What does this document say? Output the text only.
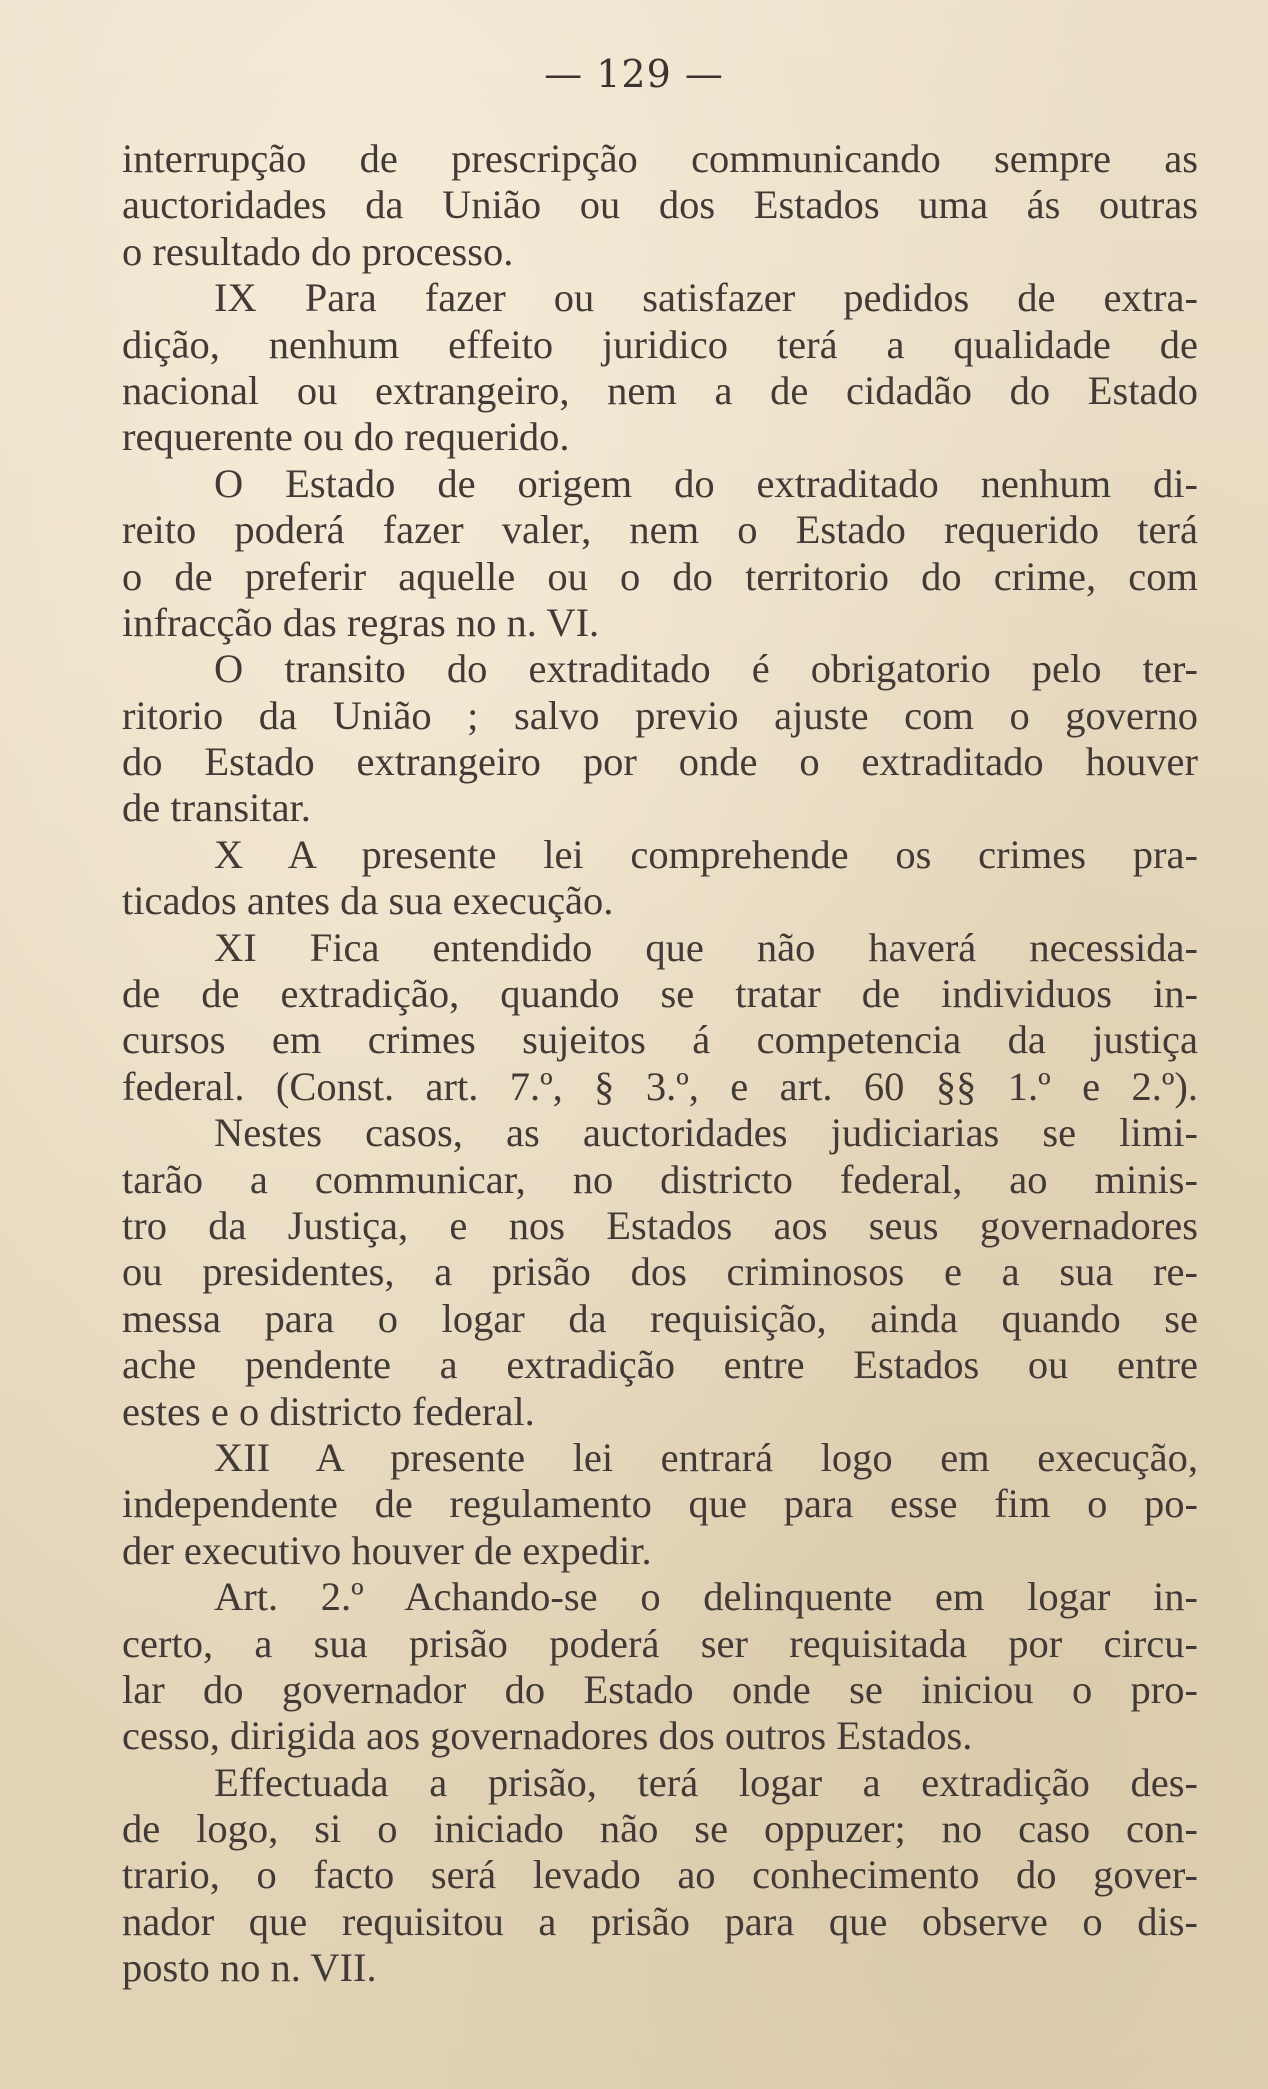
— 129 —
interrupção de prescripção communicando sempre as
auctoridades da União ou dos Estados uma ás outras
o resultado do processo.
IX Para fazer ou satisfazer pedidos de extra-
dição, nenhum effeito juridico terá a qualidade de
nacional ou extrangeiro, nem a de cidadão do Estado
requerente ou do requerido.
O Estado de origem do extraditado nenhum di-
reito poderá fazer valer, nem o Estado requerido terá
o de preferir aquelle ou o do territorio do crime, com
infracção das regras no n. VI.
O transito do extraditado é obrigatorio pelo ter-
ritorio da União ; salvo previo ajuste com o governo
do Estado extrangeiro por onde o extraditado houver
de transitar.
X A presente lei comprehende os crimes pra-
ticados antes da sua execução.
XI Fica entendido que não haverá necessida-
de de extradição, quando se tratar de individuos in-
cursos em crimes sujeitos á competencia da justiça
federal. (Const. art. 7.º, § 3.º, e art. 60 §§ 1.º e 2.º).
Nestes casos, as auctoridades judiciarias se limi-
tarão a communicar, no districto federal, ao minis-
tro da Justiça, e nos Estados aos seus governadores
ou presidentes, a prisão dos criminosos e a sua re-
messa para o logar da requisição, ainda quando se
ache pendente a extradição entre Estados ou entre
estes e o districto federal.
XII A presente lei entrará logo em execução,
independente de regulamento que para esse fim o po-
der executivo houver de expedir.
Art. 2.º Achando-se o delinquente em logar in-
certo, a sua prisão poderá ser requisitada por circu-
lar do governador do Estado onde se iniciou o pro-
cesso, dirigida aos governadores dos outros Estados.
Effectuada a prisão, terá logar a extradição des-
de logo, si o iniciado não se oppuzer; no caso con-
trario, o facto será levado ao conhecimento do gover-
nador que requisitou a prisão para que observe o dis-
posto no n. VII.
